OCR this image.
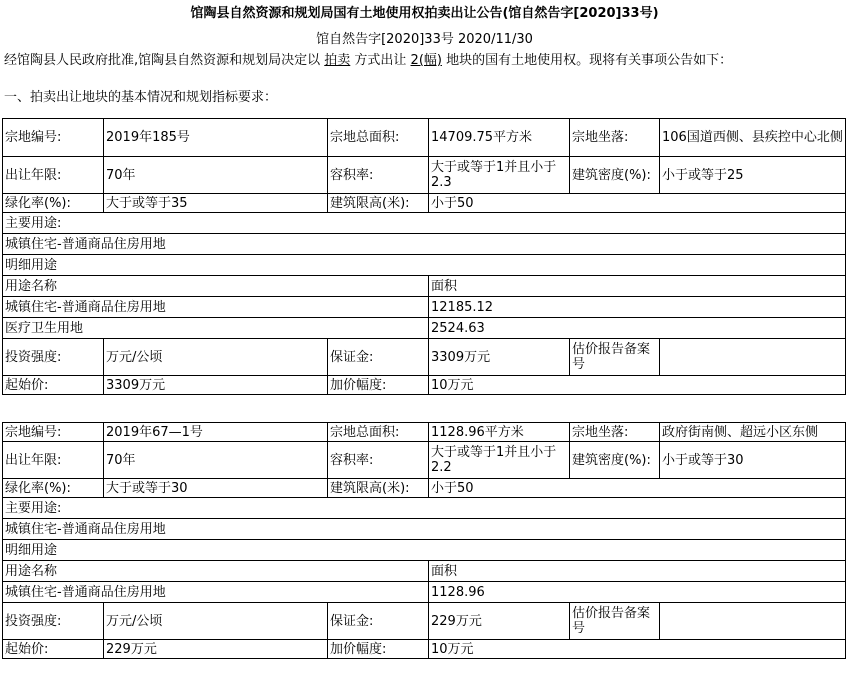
馆陶县自然资源和规划局国有土地使用权拍卖出让公告(馆自然告字[2020]33号)
馆自然告字[2020]33号 2020/11/30
经馆陶县人民政府批准,馆陶县自然资源和规划局决定以 拍卖 方式出让 2(幅) 地块的国有土地使用权。现将有关事项公告如下：
一、拍卖出让地块的基本情况和规划指标要求：
宗地编号:	2019年185号	宗地总面积:	14709.75平方米	宗地坐落:	106国道西侧、县疾控中心北侧
出让年限:	70年	容积率:	大于或等于1并且小于2.3	建筑密度(%):	小于或等于25
绿化率(%):	大于或等于35	建筑限高(米):	小于50		
主要用途:					
城镇住宅-普通商品住房用地					
明细用途					
用途名称			面积		
城镇住宅-普通商品住房用地			12185.12		
医疗卫生用地			2524.63		
投资强度:	万元/公顷	保证金:	3309万元	估价报告备案号	
起始价:	3309万元	加价幅度:	10万元		
宗地编号:	2019年67—1号	宗地总面积:	1128.96平方米	宗地坐落:	政府街南侧、超远小区东侧
出让年限:	70年	容积率:	大于或等于1并且小于2.2	建筑密度(%):	小于或等于30
绿化率(%):	大于或等于30	建筑限高(米):	小于50		
主要用途:					
城镇住宅-普通商品住房用地					
明细用途					
用途名称			面积		
城镇住宅-普通商品住房用地			1128.96		
投资强度:	万元/公顷	保证金:	229万元	估价报告备案号	
起始价:	229万元	加价幅度:	10万元		
